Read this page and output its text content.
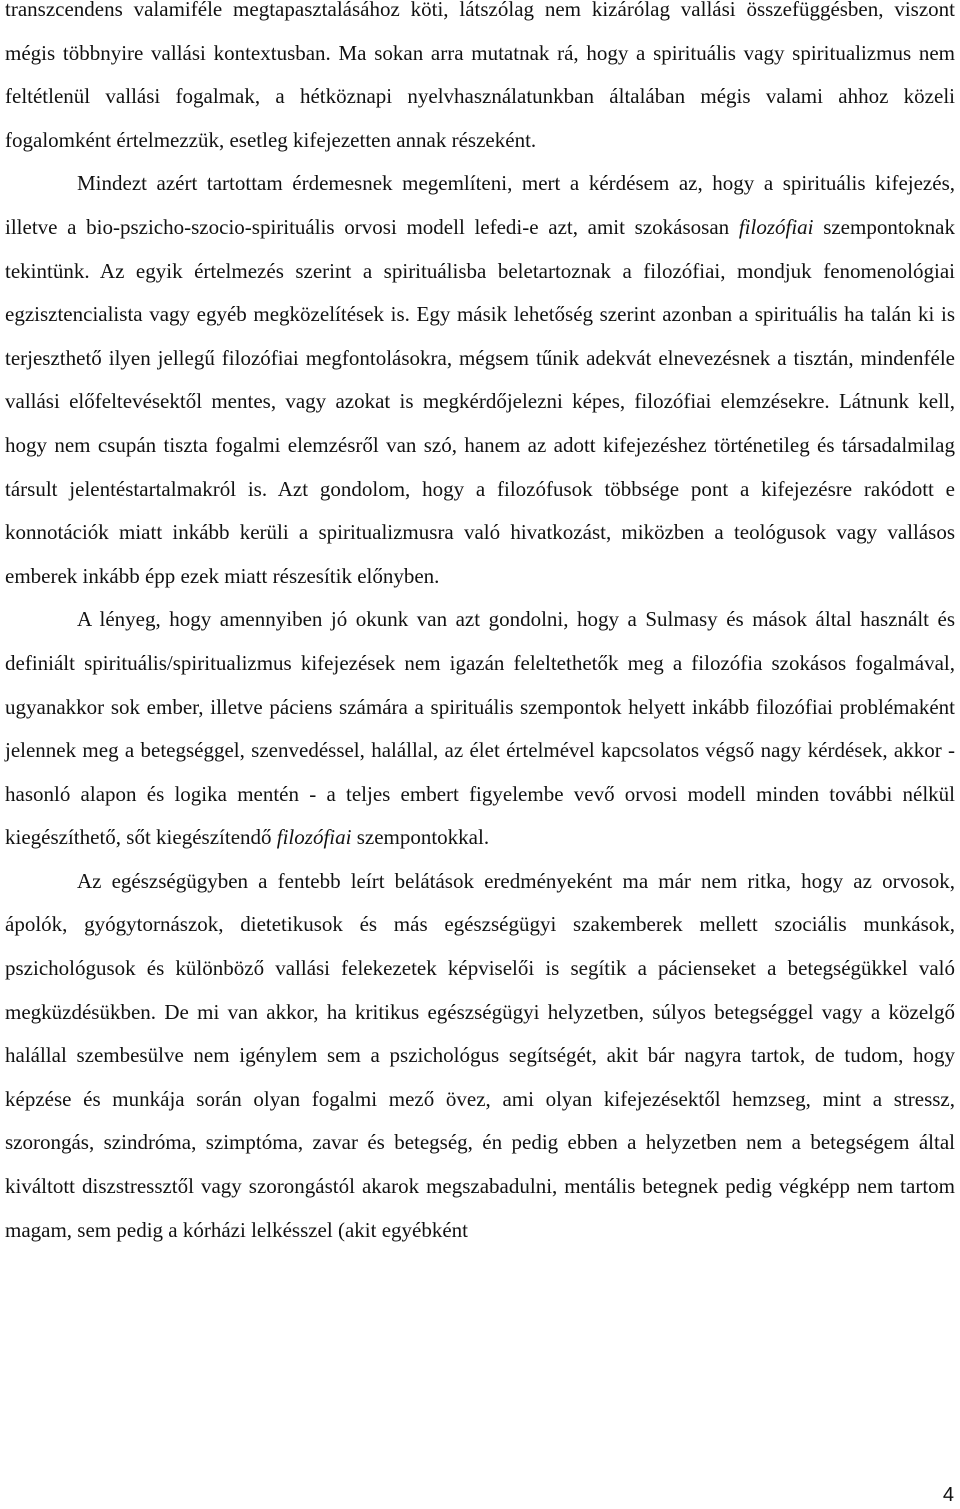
transzcendens valamiféle megtapasztalásához köti, látszólag nem kizárólag vallási összefüggésben, viszont mégis többnyire vallási kontextusban. Ma sokan arra mutatnak rá, hogy a spirituális vagy spiritualizmus nem feltétlenül vallási fogalmak, a hétköznapi nyelvhasználatunkban általában mégis valami ahhoz közeli fogalomként értelmezzük, esetleg kifejezetten annak részeként.

Mindezt azért tartottam érdemesnek megemlíteni, mert a kérdésem az, hogy a spirituális kifejezés, illetve a bio-pszicho-szocio-spirituális orvosi modell lefedi-e azt, amit szokásosan filozófiai szempontoknak tekintünk. Az egyik értelmezés szerint a spirituálisba beletartoznak a filozófiai, mondjuk fenomenológiai egzisztencialista vagy egyéb megközelítések is. Egy másik lehetőség szerint azonban a spirituális ha talán ki is terjeszthető ilyen jellegű filozófiai megfontolásokra, mégsem tűnik adekvát elnevezésnek a tisztán, mindenféle vallási előfeltevésektől mentes, vagy azokat is megkérdőjelezni képes, filozófiai elemzésekre. Látnunk kell, hogy nem csupán tiszta fogalmi elemzésről van szó, hanem az adott kifejezéshez történetileg és társadalmilag társult jelentéstartalmakról is. Azt gondolom, hogy a filozófusok többsége pont a kifejezésre rakódott e konnotációk miatt inkább kerüli a spiritualizmusra való hivatkozást, miközben a teológusok vagy vallásos emberek inkább épp ezek miatt részesítik előnyben.

A lényeg, hogy amennyiben jó okunk van azt gondolni, hogy a Sulmasy és mások által használt és definiált spirituális/spiritualizmus kifejezések nem igazán feleltethetők meg a filozófia szokásos fogalmával, ugyanakkor sok ember, illetve páciens számára a spirituális szempontok helyett inkább filozófiai problémaként jelennek meg a betegséggel, szenvedéssel, halállal, az élet értelmével kapcsolatos végső nagy kérdések, akkor - hasonló alapon és logika mentén - a teljes embert figyelembe vevő orvosi modell minden további nélkül kiegészíthető, sőt kiegészítendő filozófiai szempontokkal.

Az egészségügyben a fentebb leírt belátások eredményeként ma már nem ritka, hogy az orvosok, ápolók, gyógytornászok, dietetikusok és más egészségügyi szakemberek mellett szociális munkások, pszichológusok és különböző vallási felekezetek képviselői is segítik a pácienseket a betegségükkel való megküzdésükben. De mi van akkor, ha kritikus egészségügyi helyzetben, súlyos betegséggel vagy a közelgő halállal szembesülve nem igénylem sem a pszichológus segítségét, akit bár nagyra tartok, de tudom, hogy képzése és munkája során olyan fogalmi mező övez, ami olyan kifejezésektől hemzseg, mint a stressz, szorongás, szindróma, szimptóma, zavar és betegség, én pedig ebben a helyzetben nem a betegségem által kiváltott diszstressztől vagy szorongástól akarok megszabadulni, mentális betegnek pedig végképp nem tartom magam, sem pedig a kórházi lelkésszel (akit egyébként

4
